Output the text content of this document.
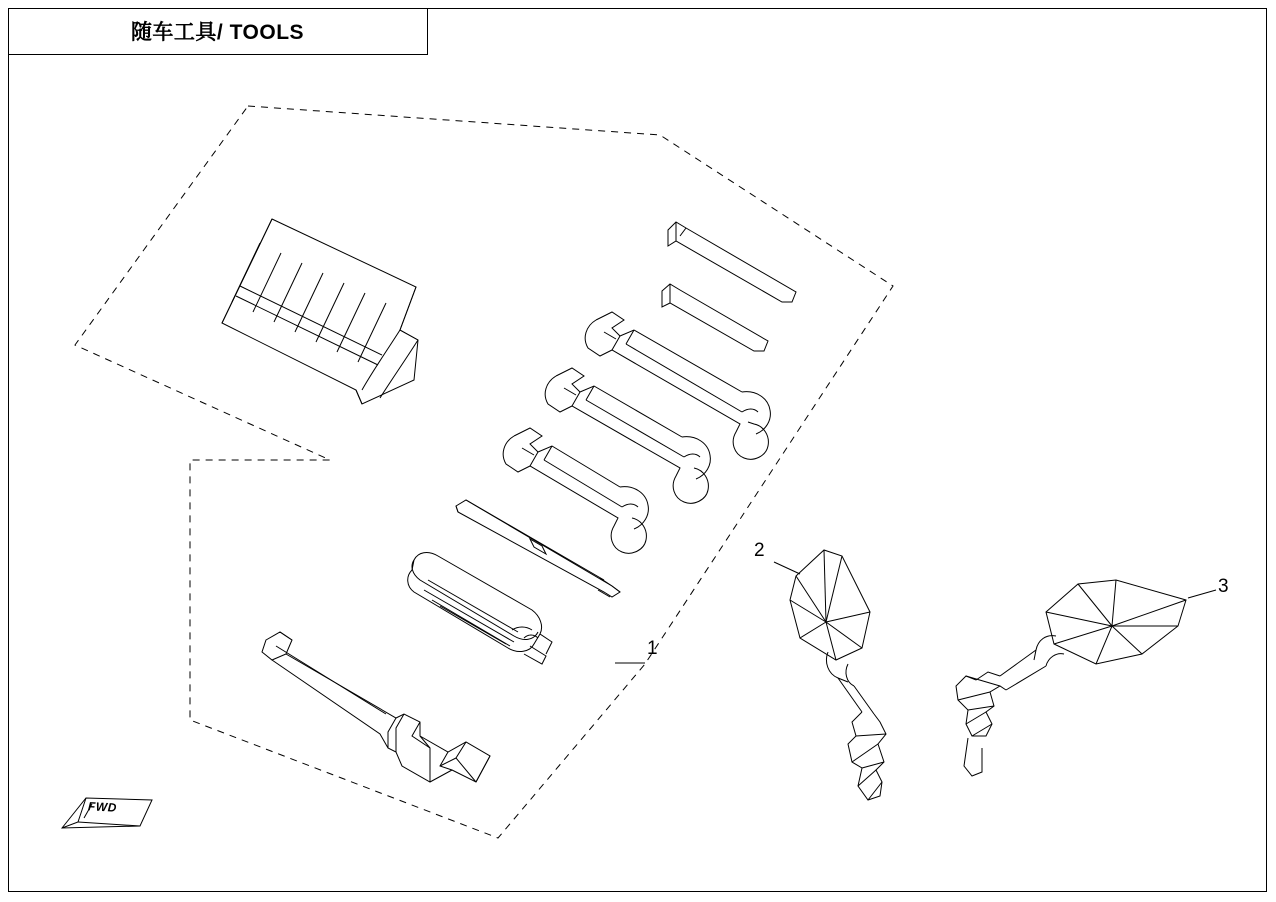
随车工具/ TOOLS
1
2
3
FWD
